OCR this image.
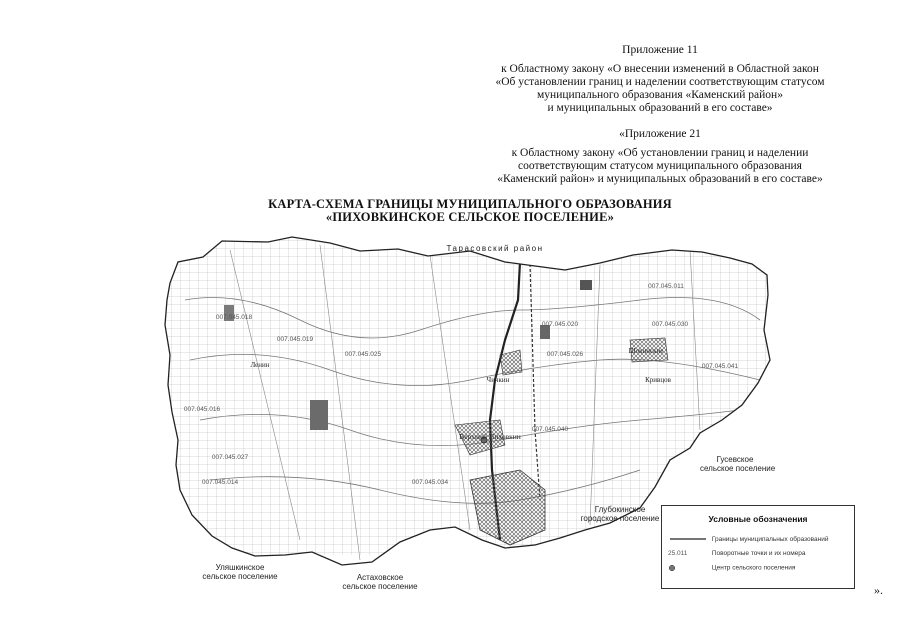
Приложение 11
к Областному закону «О внесении изменений в Областной закон
«Об установлении границ и наделении соответствующим статусом
муниципального образования «Каменский район»
и муниципальных образований в его составе»
«Приложение 21
к Областному закону «Об установлении границ и наделении
соответствующим статусом муниципального образования
«Каменский район» и муниципальных образований в его составе»
КАРТА-СХЕМА ГРАНИЦЫ МУНИЦИПАЛЬНОГО ОБРАЗОВАНИЯ
«ПИХОВКИНСКОЕ СЕЛЬСКОЕ ПОСЕЛЕНИЕ»
Тарасовский район
Гусевское
сельское поселение
Глубокинское
городское поселение
Астаховское
сельское поселение
Уляшкинское
сельское поселение
Верхний Пиховкин
Чичкин
Шокинские
Кривцов
Ленин
007.045.020
007.045.011
007.045.018
007.045.019
007.045.025	007.045.026
007.045.030
007.045.041
007.045.016
007.045.027
007.045.014	007.045.034
007.045.040
Условные обозначения
Границы муниципальных образований
25.011	Поворотные точки и их номера
Центр сельского поселения
».
